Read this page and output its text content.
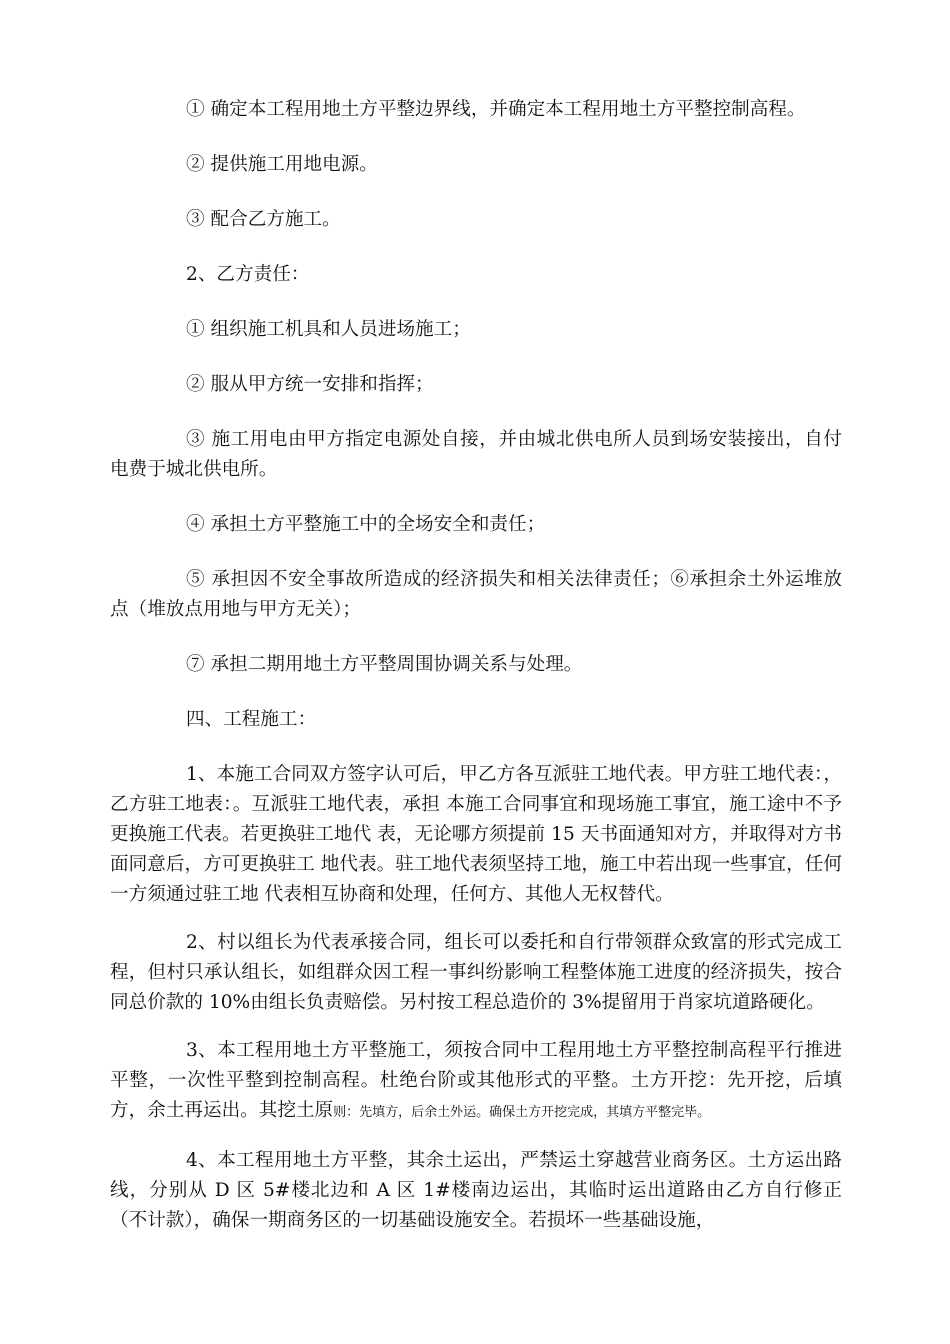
① 确定本工程用地土方平整边界线，并确定本工程用地土方平整控制高程。

② 提供施工用地电源。

③ 配合乙方施工。

2、乙方责任：

① 组织施工机具和人员进场施工；

② 服从甲方统一安排和指挥；

③ 施工用电由甲方指定电源处自接，并由城北供电所人员到场安装接出，自付电费于城北供电所。

④ 承担土方平整施工中的全场安全和责任；

⑤ 承担因不安全事故所造成的经济损失和相关法律责任；⑥承担余土外运堆放点（堆放点用地与甲方无关）；

⑦ 承担二期用地土方平整周围协调关系与处理。

四、工程施工：

1、本施工合同双方签字认可后，甲乙方各互派驻工地代表。甲方驻工地代表：，乙方驻工地表：。互派驻工地代表，承担 本施工合同事宜和现场施工事宜，施工途中不予更换施工代表。若更换驻工地代 表，无论哪方须提前 15 天书面通知对方，并取得对方书面同意后，方可更换驻工 地代表。驻工地代表须坚持工地，施工中若出现一些事宜，任何一方须通过驻工地 代表相互协商和处理，任何方、其他人无权替代。

2、村以组长为代表承接合同，组长可以委托和自行带领群众致富的形式完成工程，但村只承认组长，如组群众因工程一事纠纷影响工程整体施工进度的经济损失，按合同总价款的 10%由组长负责赔偿。另村按工程总造价的 3%提留用于肖家坑道路硬化。

3、本工程用地土方平整施工，须按合同中工程用地土方平整控制高程平行推进平整，一次性平整到控制高程。杜绝台阶或其他形式的平整。土方开挖：先开挖，后填方，余土再运出。其挖土原则：先填方，后余土外运。确保土方开挖完成，其填方平整完毕。

4、本工程用地土方平整，其余土运出，严禁运土穿越营业商务区。土方运出路线，分别从 D 区 5#楼北边和 A 区 1#楼南边运出，其临时运出道路由乙方自行修正（不计款），确保一期商务区的一切基础设施安全。若损坏一些基础设施，
